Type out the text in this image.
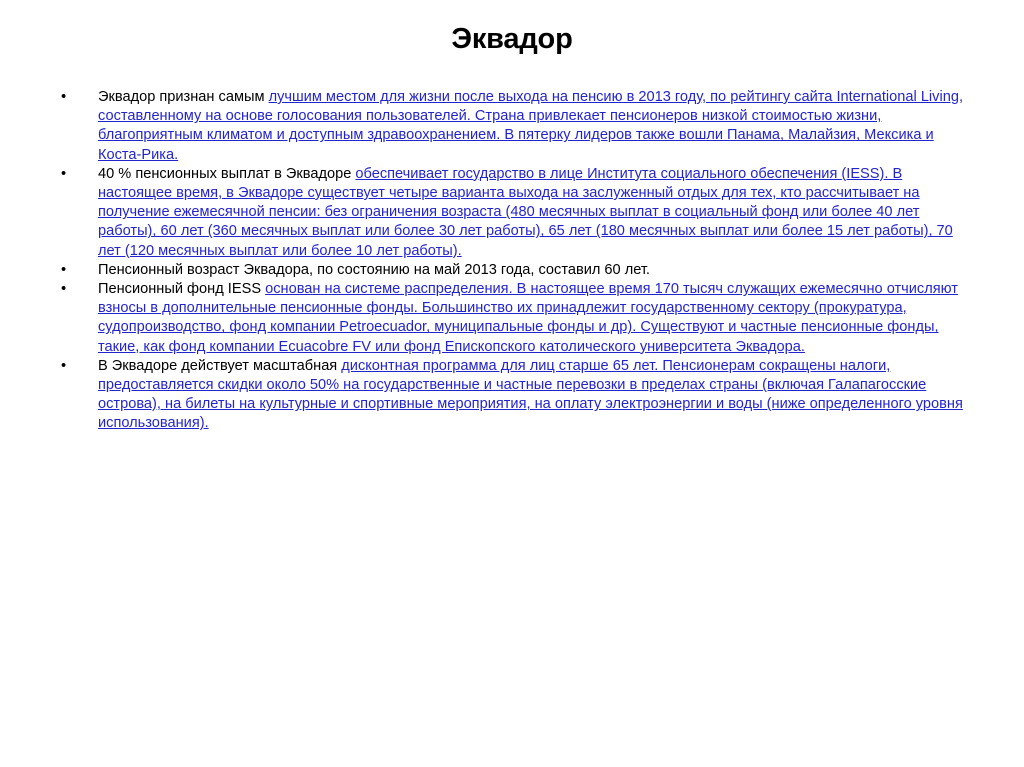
Эквадор
• Эквадор признан самым лучшим местом для жизни после выхода на пенсию в 2013 году, по рейтингу сайта International Living, составленному на основе голосования пользователей. Страна привлекает пенсионеров низкой стоимостью жизни, благоприятным климатом и доступным здравоохранением. В пятерку лидеров также вошли Панама, Малайзия, Мексика и Коста-Рика.
• 40 % пенсионных выплат в Эквадоре обеспечивает государство в лице Института социального обеспечения (IESS). В настоящее время, в Эквадоре существует четыре варианта выхода на заслуженный отдых для тех, кто рассчитывает на получение ежемесячной пенсии: без ограничения возраста (480 месячных выплат в социальный фонд или более 40 лет работы), 60 лет (360 месячных выплат или более 30 лет работы), 65 лет (180 месячных выплат или более 15 лет работы), 70 лет (120 месячных выплат или более 10 лет работы).
• Пенсионный возраст Эквадора, по состоянию на май 2013 года, составил 60 лет.
• Пенсионный фонд IESS основан на системе распределения. В настоящее время 170 тысяч служащих ежемесячно отчисляют взносы в дополнительные пенсионные фонды. Большинство их принадлежит государственному сектору (прокуратура, судопроизводство, фонд компании Petroecuador, муниципальные фонды и др). Существуют и частные пенсионные фонды, такие, как фонд компании Ecuacobre FV или фонд Епископского католического университета Эквадора.
• В Эквадоре действует масштабная дисконтная программа для лиц старше 65 лет. Пенсионерам сокращены налоги, предоставляется скидки около 50% на государственные и частные перевозки в пределах страны (включая Галапагосские острова), на билеты на культурные и спортивные мероприятия, на оплату электроэнергии и воды (ниже определенного уровня использования).
